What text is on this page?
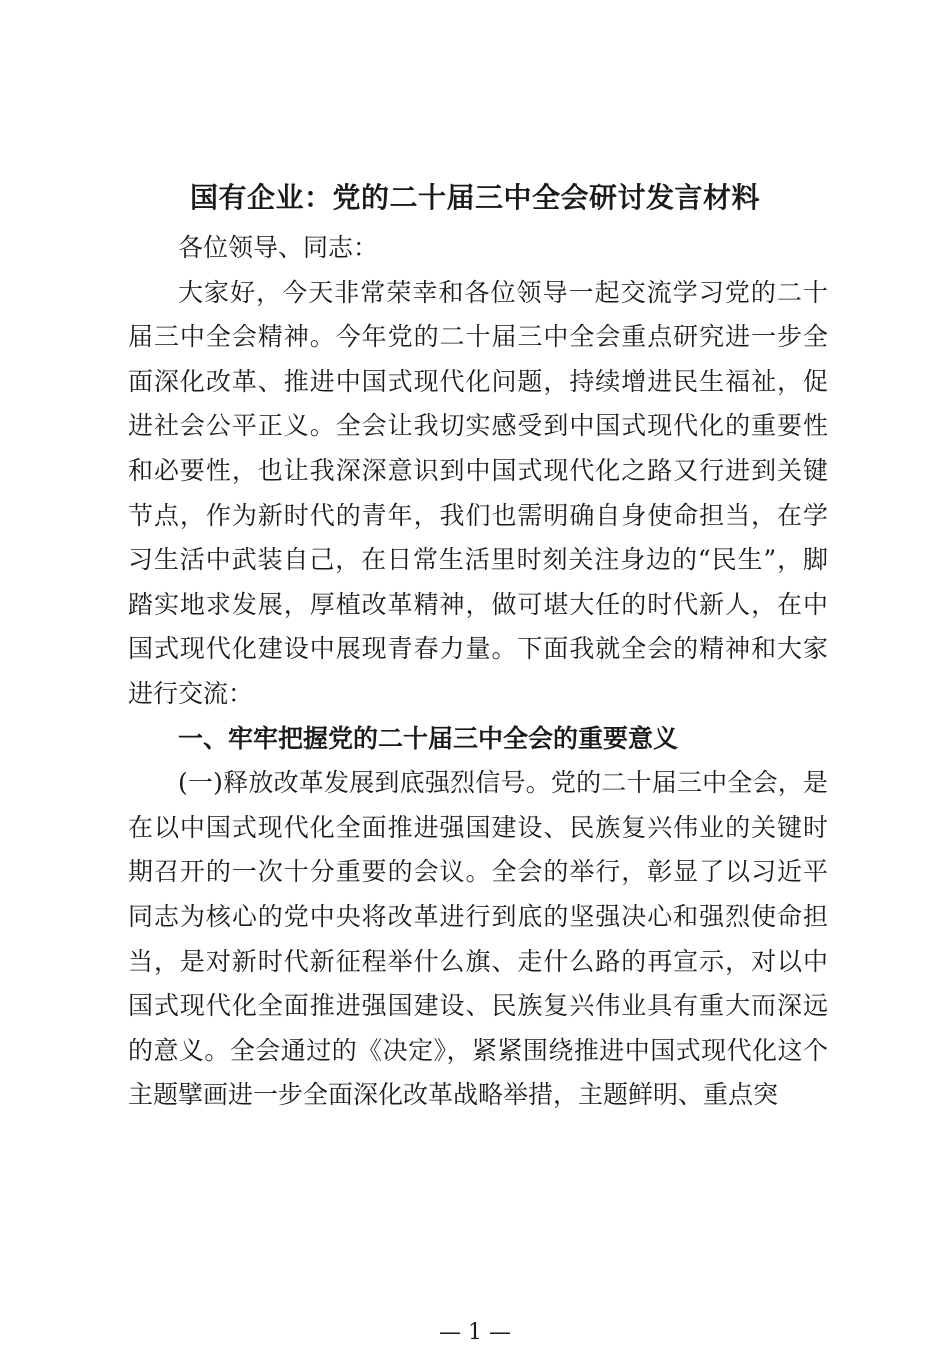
国有企业：党的二十届三中全会研讨发言材料
各位领导、同志：
大家好，今天非常荣幸和各位领导一起交流学习党的二十
届三中全会精神。今年党的二十届三中全会重点研究进一步全
面深化改革、推进中国式现代化问题，持续增进民生福祉，促
进社会公平正义。全会让我切实感受到中国式现代化的重要性
和必要性，也让我深深意识到中国式现代化之路又行进到关键
节点，作为新时代的青年，我们也需明确自身使命担当，在学
习生活中武装自己，在日常生活里时刻关注身边的“民生”，脚
踏实地求发展，厚植改革精神，做可堪大任的时代新人，在中
国式现代化建设中展现青春力量。下面我就全会的精神和大家
进行交流：
一、牢牢把握党的二十届三中全会的重要意义
(一)释放改革发展到底强烈信号。党的二十届三中全会，是
在以中国式现代化全面推进强国建设、民族复兴伟业的关键时
期召开的一次十分重要的会议。全会的举行，彰显了以习近平
同志为核心的党中央将改革进行到底的坚强决心和强烈使命担
当，是对新时代新征程举什么旗、走什么路的再宣示，对以中
国式现代化全面推进强国建设、民族复兴伟业具有重大而深远
的意义。全会通过的《决定》，紧紧围绕推进中国式现代化这个
主题擘画进一步全面深化改革战略举措，主题鲜明、重点突
— 1 —
